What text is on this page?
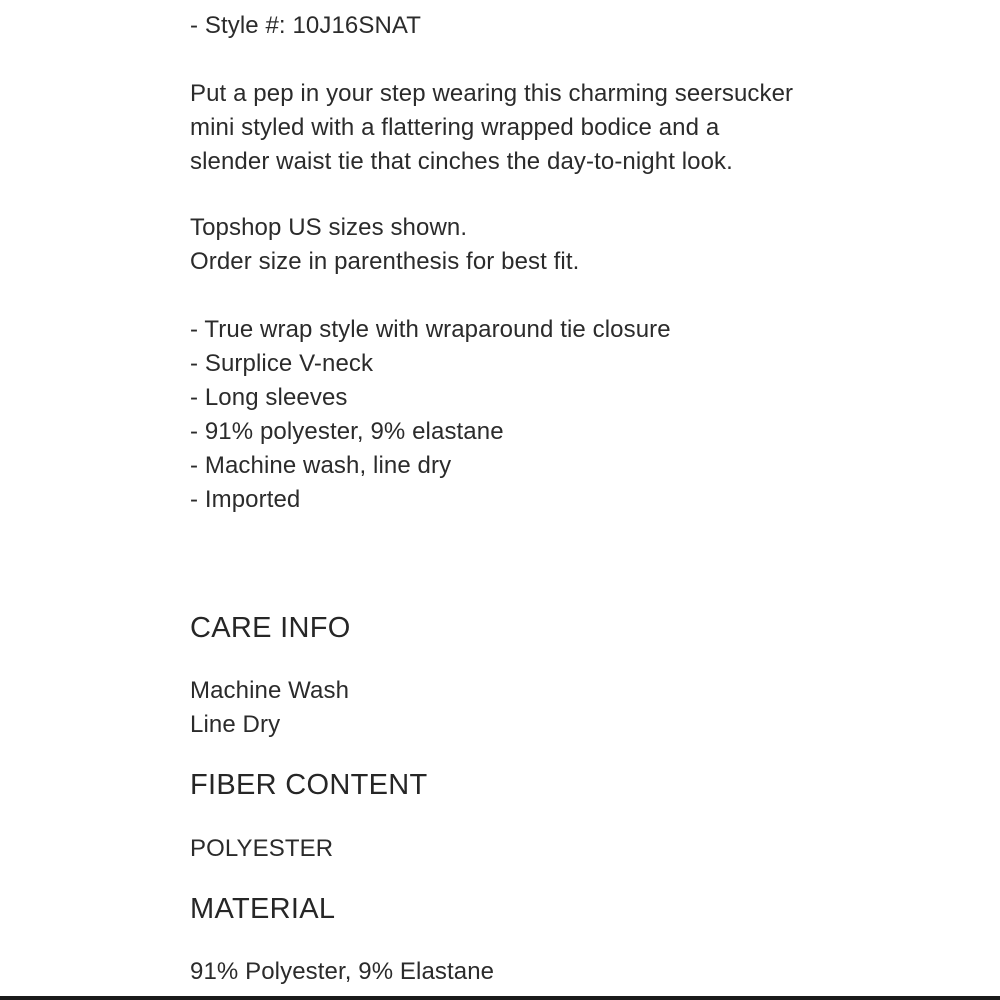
- Style #: 10J16SNAT
Put a pep in your step wearing this charming seersucker
mini styled with a flattering wrapped bodice and a
slender waist tie that cinches the day-to-night look.
Topshop US sizes shown.
Order size in parenthesis for best fit.
- True wrap style with wraparound tie closure
- Surplice V-neck
- Long sleeves
- 91% polyester, 9% elastane
- Machine wash, line dry
- Imported
CARE INFO
Machine Wash
Line Dry
FIBER CONTENT
POLYESTER
MATERIAL
91% Polyester, 9% Elastane
